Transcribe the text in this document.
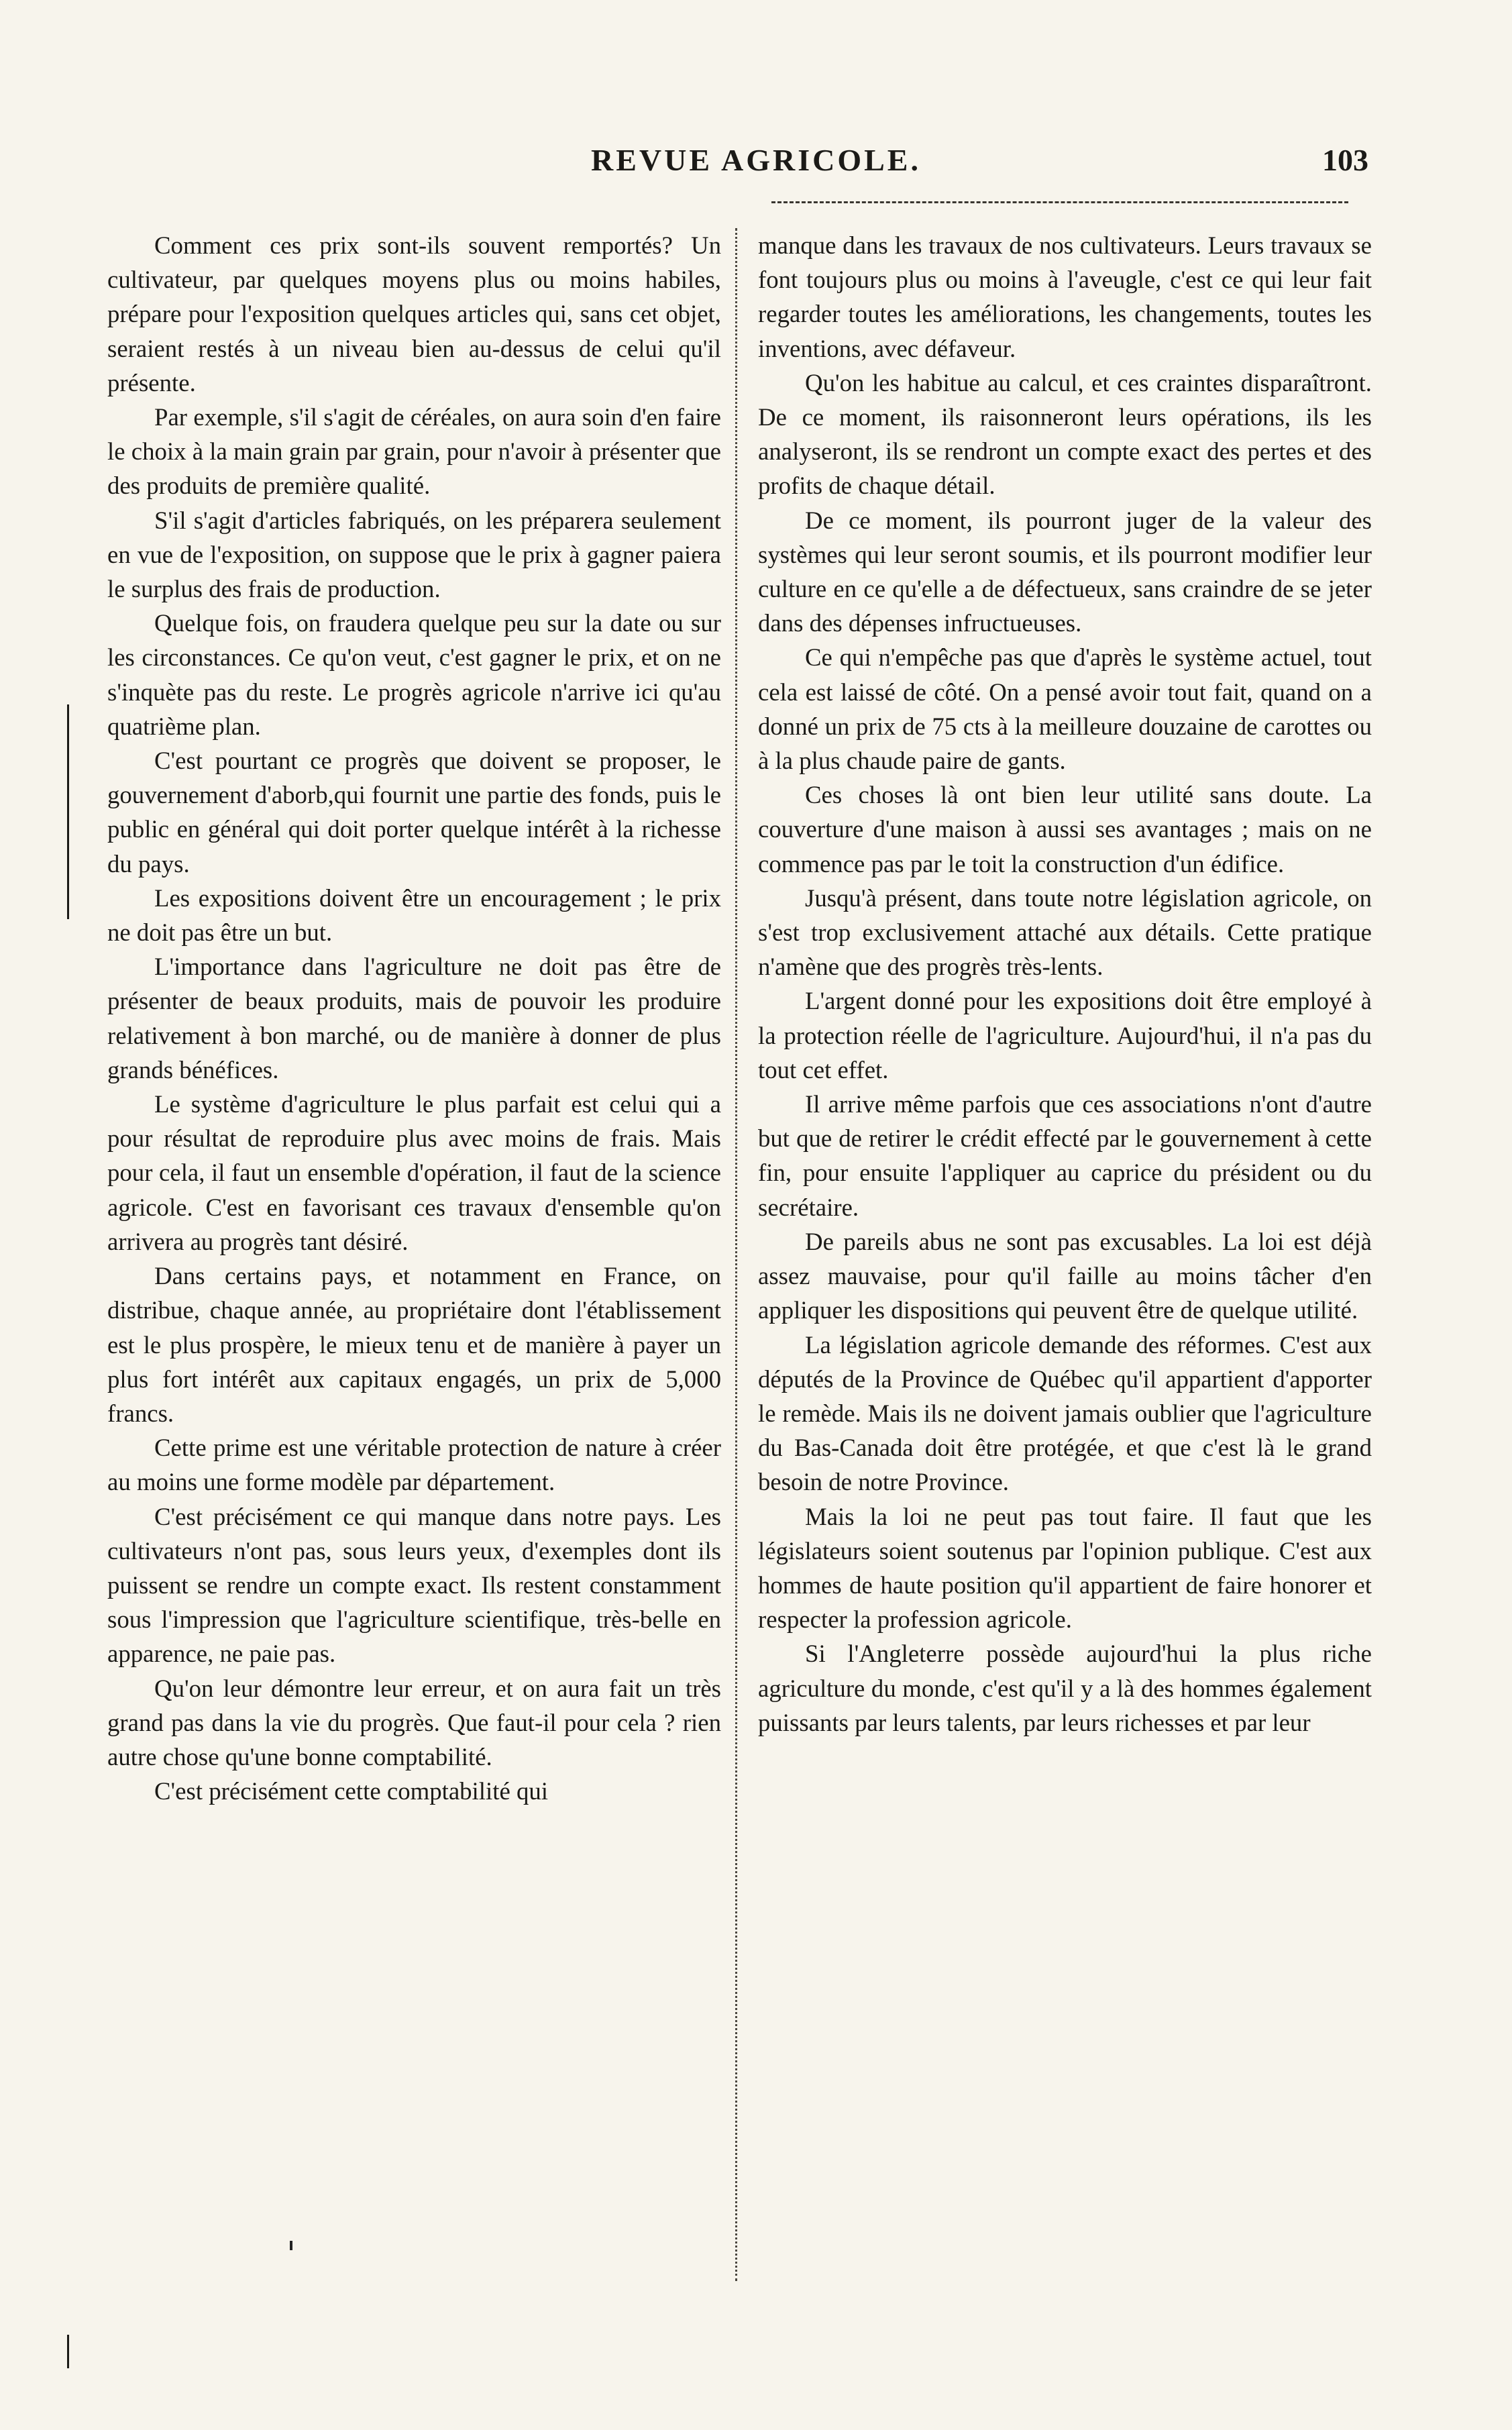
REVUE AGRICOLE.	103

Comment ces prix sont-ils souvent remportés? Un cultivateur, par quelques moyens plus ou moins habiles, prépare pour l'exposition quelques articles qui, sans cet objet, seraient restés à un niveau bien au-dessus de celui qu'il présente.

Par exemple, s'il s'agit de céréales, on aura soin d'en faire le choix à la main grain par grain, pour n'avoir à présenter que des produits de première qualité.

S'il s'agit d'articles fabriqués, on les préparera seulement en vue de l'exposition, on suppose que le prix à gagner paiera le surplus des frais de production.

Quelque fois, on fraudera quelque peu sur la date ou sur les circonstances. Ce qu'on veut, c'est gagner le prix, et on ne s'inquète pas du reste. Le progrès agricole n'arrive ici qu'au quatrième plan.

C'est pourtant ce progrès que doivent se proposer, le gouvernement d'aborb,qui fournit une partie des fonds, puis le public en général qui doit porter quelque intérêt à la richesse du pays.

Les expositions doivent être un encouragement ; le prix ne doit pas être un but.

L'importance dans l'agriculture ne doit pas être de présenter de beaux produits, mais de pouvoir les produire relativement à bon marché, ou de manière à donner de plus grands bénéfices.

Le système d'agriculture le plus parfait est celui qui a pour résultat de reproduire plus avec moins de frais. Mais pour cela, il faut un ensemble d'opération, il faut de la science agricole. C'est en favorisant ces travaux d'ensemble qu'on arrivera au progrès tant désiré.

Dans certains pays, et notamment en France, on distribue, chaque année, au propriétaire dont l'établissement est le plus prospère, le mieux tenu et de manière à payer un plus fort intérêt aux capitaux engagés, un prix de 5,000 francs.

Cette prime est une véritable protection de nature à créer au moins une forme modèle par département.

C'est précisément ce qui manque dans notre pays. Les cultivateurs n'ont pas, sous leurs yeux, d'exemples dont ils puissent se rendre un compte exact. Ils restent constamment sous l'impression que l'agriculture scientifique, très-belle en apparence, ne paie pas.

Qu'on leur démontre leur erreur, et on aura fait un très grand pas dans la vie du progrès. Que faut-il pour cela ? rien autre chose qu'une bonne comptabilité.

C'est précisément cette comptabilité qui

manque dans les travaux de nos cultivateurs. Leurs travaux se font toujours plus ou moins à l'aveugle, c'est ce qui leur fait regarder toutes les améliorations, les changements, toutes les inventions, avec défaveur.

Qu'on les habitue au calcul, et ces craintes disparaîtront. De ce moment, ils raisonneront leurs opérations, ils les analyseront, ils se rendront un compte exact des pertes et des profits de chaque détail.

De ce moment, ils pourront juger de la valeur des systèmes qui leur seront soumis, et ils pourront modifier leur culture en ce qu'elle a de défectueux, sans craindre de se jeter dans des dépenses infructueuses.

Ce qui n'empêche pas que d'après le système actuel, tout cela est laissé de côté. On a pensé avoir tout fait, quand on a donné un prix de 75 cts à la meilleure douzaine de carottes ou à la plus chaude paire de gants.

Ces choses là ont bien leur utilité sans doute. La couverture d'une maison à aussi ses avantages ; mais on ne commence pas par le toit la construction d'un édifice.

Jusqu'à présent, dans toute notre législation agricole, on s'est trop exclusivement attaché aux détails. Cette pratique n'amène que des progrès très-lents.

L'argent donné pour les expositions doit être employé à la protection réelle de l'agriculture. Aujourd'hui, il n'a pas du tout cet effet.

Il arrive même parfois que ces associations n'ont d'autre but que de retirer le crédit effecté par le gouvernement à cette fin, pour ensuite l'appliquer au caprice du président ou du secrétaire.

De pareils abus ne sont pas excusables. La loi est déjà assez mauvaise, pour qu'il faille au moins tâcher d'en appliquer les dispositions qui peuvent être de quelque utilité.

La législation agricole demande des réformes. C'est aux députés de la Province de Québec qu'il appartient d'apporter le remède. Mais ils ne doivent jamais oublier que l'agriculture du Bas-Canada doit être protégée, et que c'est là le grand besoin de notre Province.

Mais la loi ne peut pas tout faire. Il faut que les législateurs soient soutenus par l'opinion publique. C'est aux hommes de haute position qu'il appartient de faire honorer et respecter la profession agricole.

Si l'Angleterre possède aujourd'hui la plus riche agriculture du monde, c'est qu'il y a là des hommes également puissants par leurs talents, par leurs richesses et par leur
